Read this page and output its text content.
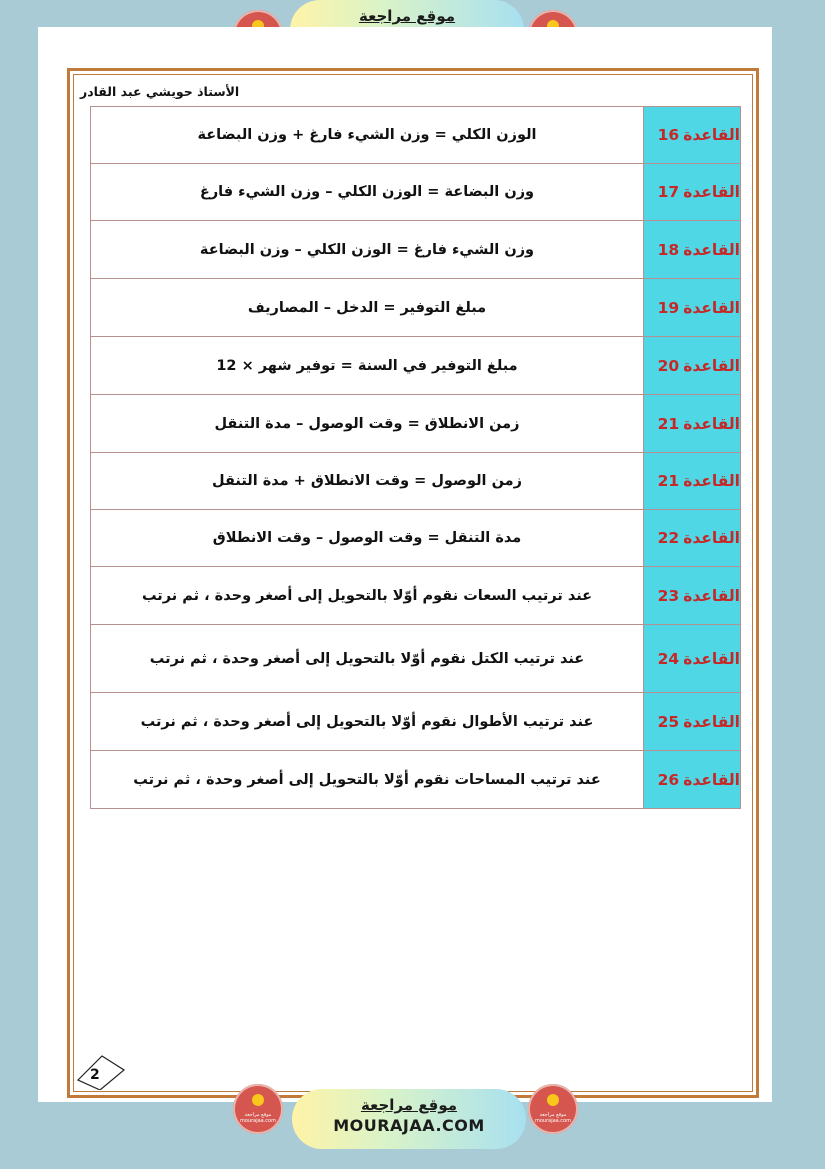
موقع مراجعة
الأستاذ حويشي عبد القادر
الوزن الكلي = وزن الشيء فارغ + وزن البضاعة	القاعدة16
وزن البضاعة = الوزن الكلي – وزن الشيء فارغ	القاعدة17
وزن الشيء فارغ = الوزن الكلي – وزن البضاعة	القاعدة18
مبلغ التوفير = الدخل – المصاريف	القاعدة19
مبلغ التوفير في السنة = توفير شهر × 12	القاعدة20
زمن الانطلاق = وقت الوصول – مدة التنقل	القاعدة21
زمن الوصول = وقت الانطلاق + مدة التنقل	القاعدة21
مدة التنقل = وقت الوصول – وقت الانطلاق	القاعدة22
عند ترتيب السعات نقوم أوّلا بالتحويل إلى أصغر وحدة ، ثم نرتب	القاعدة23
عند ترتيب الكتل نقوم أوّلا بالتحويل إلى أصغر وحدة ، ثم نرتب	القاعدة24
عند ترتيب الأطوال نقوم أوّلا بالتحويل إلى أصغر وحدة ، ثم نرتب	القاعدة25
عند ترتيب المساحات نقوم أوّلا بالتحويل إلى أصغر وحدة ، ثم نرتب	القاعدة26
2
موقع مراجعة
MOURAJAA.COM
موقع مراجعة
mourajaa.com
موقع مراجعة
mourajaa.com
